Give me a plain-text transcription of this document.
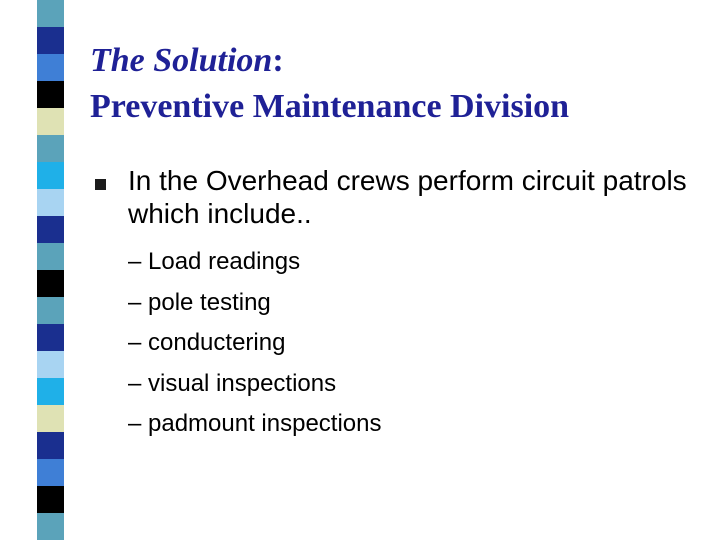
The Solution:
Preventive Maintenance Division
In the Overhead crews perform circuit patrols which include..
– Load readings
– pole testing
– conductering
– visual inspections
– padmount inspections
